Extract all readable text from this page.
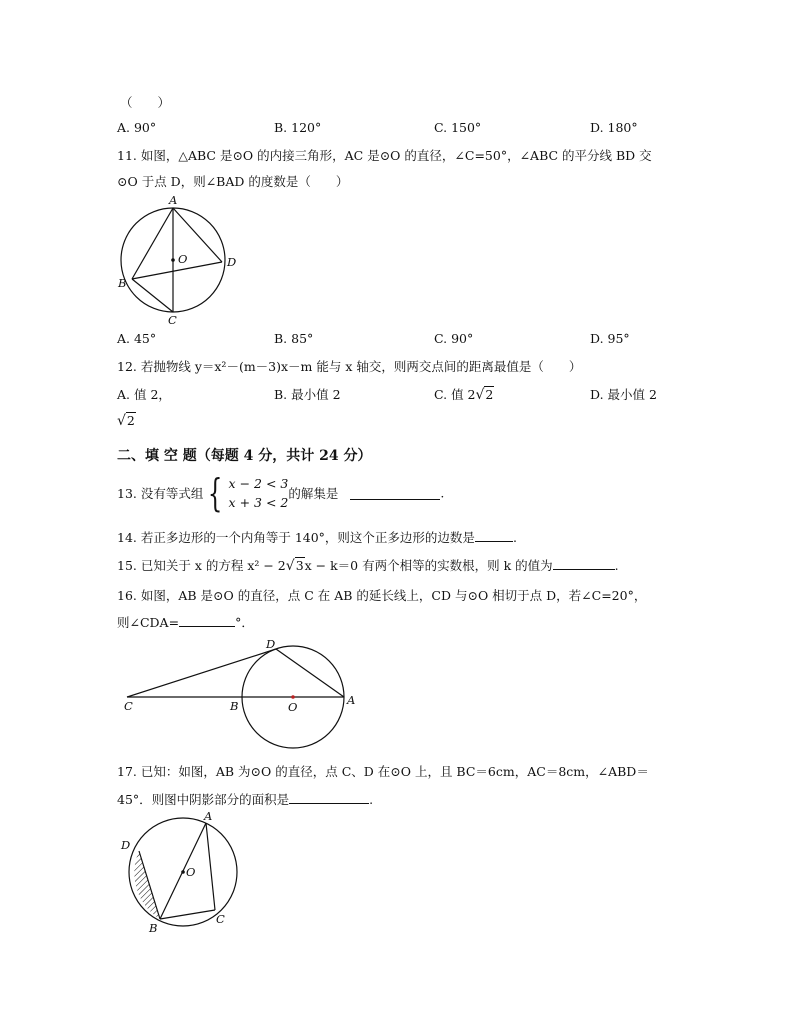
（　　）
A. 90°	B. 120°	C. 150°	D. 180°
11. 如图，△ABC 是⊙O 的内接三角形，AC 是⊙O 的直径，∠C=50°，∠ABC 的平分线 BD 交
⊙O 于点 D，则∠BAD 的度数是（　　）
A
O	D
B
C
A. 45°	B. 85°	C. 90°	D. 95°
12. 若抛物线 y＝x²－(m－3)x－m 能与 x 轴交，则两交点间的距离最值是（　　）
A. 值 2，	B. 最小值 2	C. 值 2√2	D. 最小值 2
√2
二、填 空 题（每题 4 分，共计 24 分）
13. 没有等式组 { x − 2 < 3
x + 3 < 2
的解集是	.
14. 若正多边形的一个内角等于 140°，则这个正多边形的边数是	.
15. 已知关于 x 的方程 x² − 2√3x − k＝0 有两个相等的实数根，则 k 的值为	.
16. 如图，AB 是⊙O 的直径，点 C 在 AB 的延长线上，CD 与⊙O 相切于点 D，若∠C=20°，
则∠CDA=	°．
D
C	B	O	A
17. 已知：如图，AB 为⊙O 的直径，点 C、D 在⊙O 上，且 BC＝6cm，AC＝8cm，∠ABD＝
45°．则图中阴影部分的面积是	.
A
D
O
C
B
